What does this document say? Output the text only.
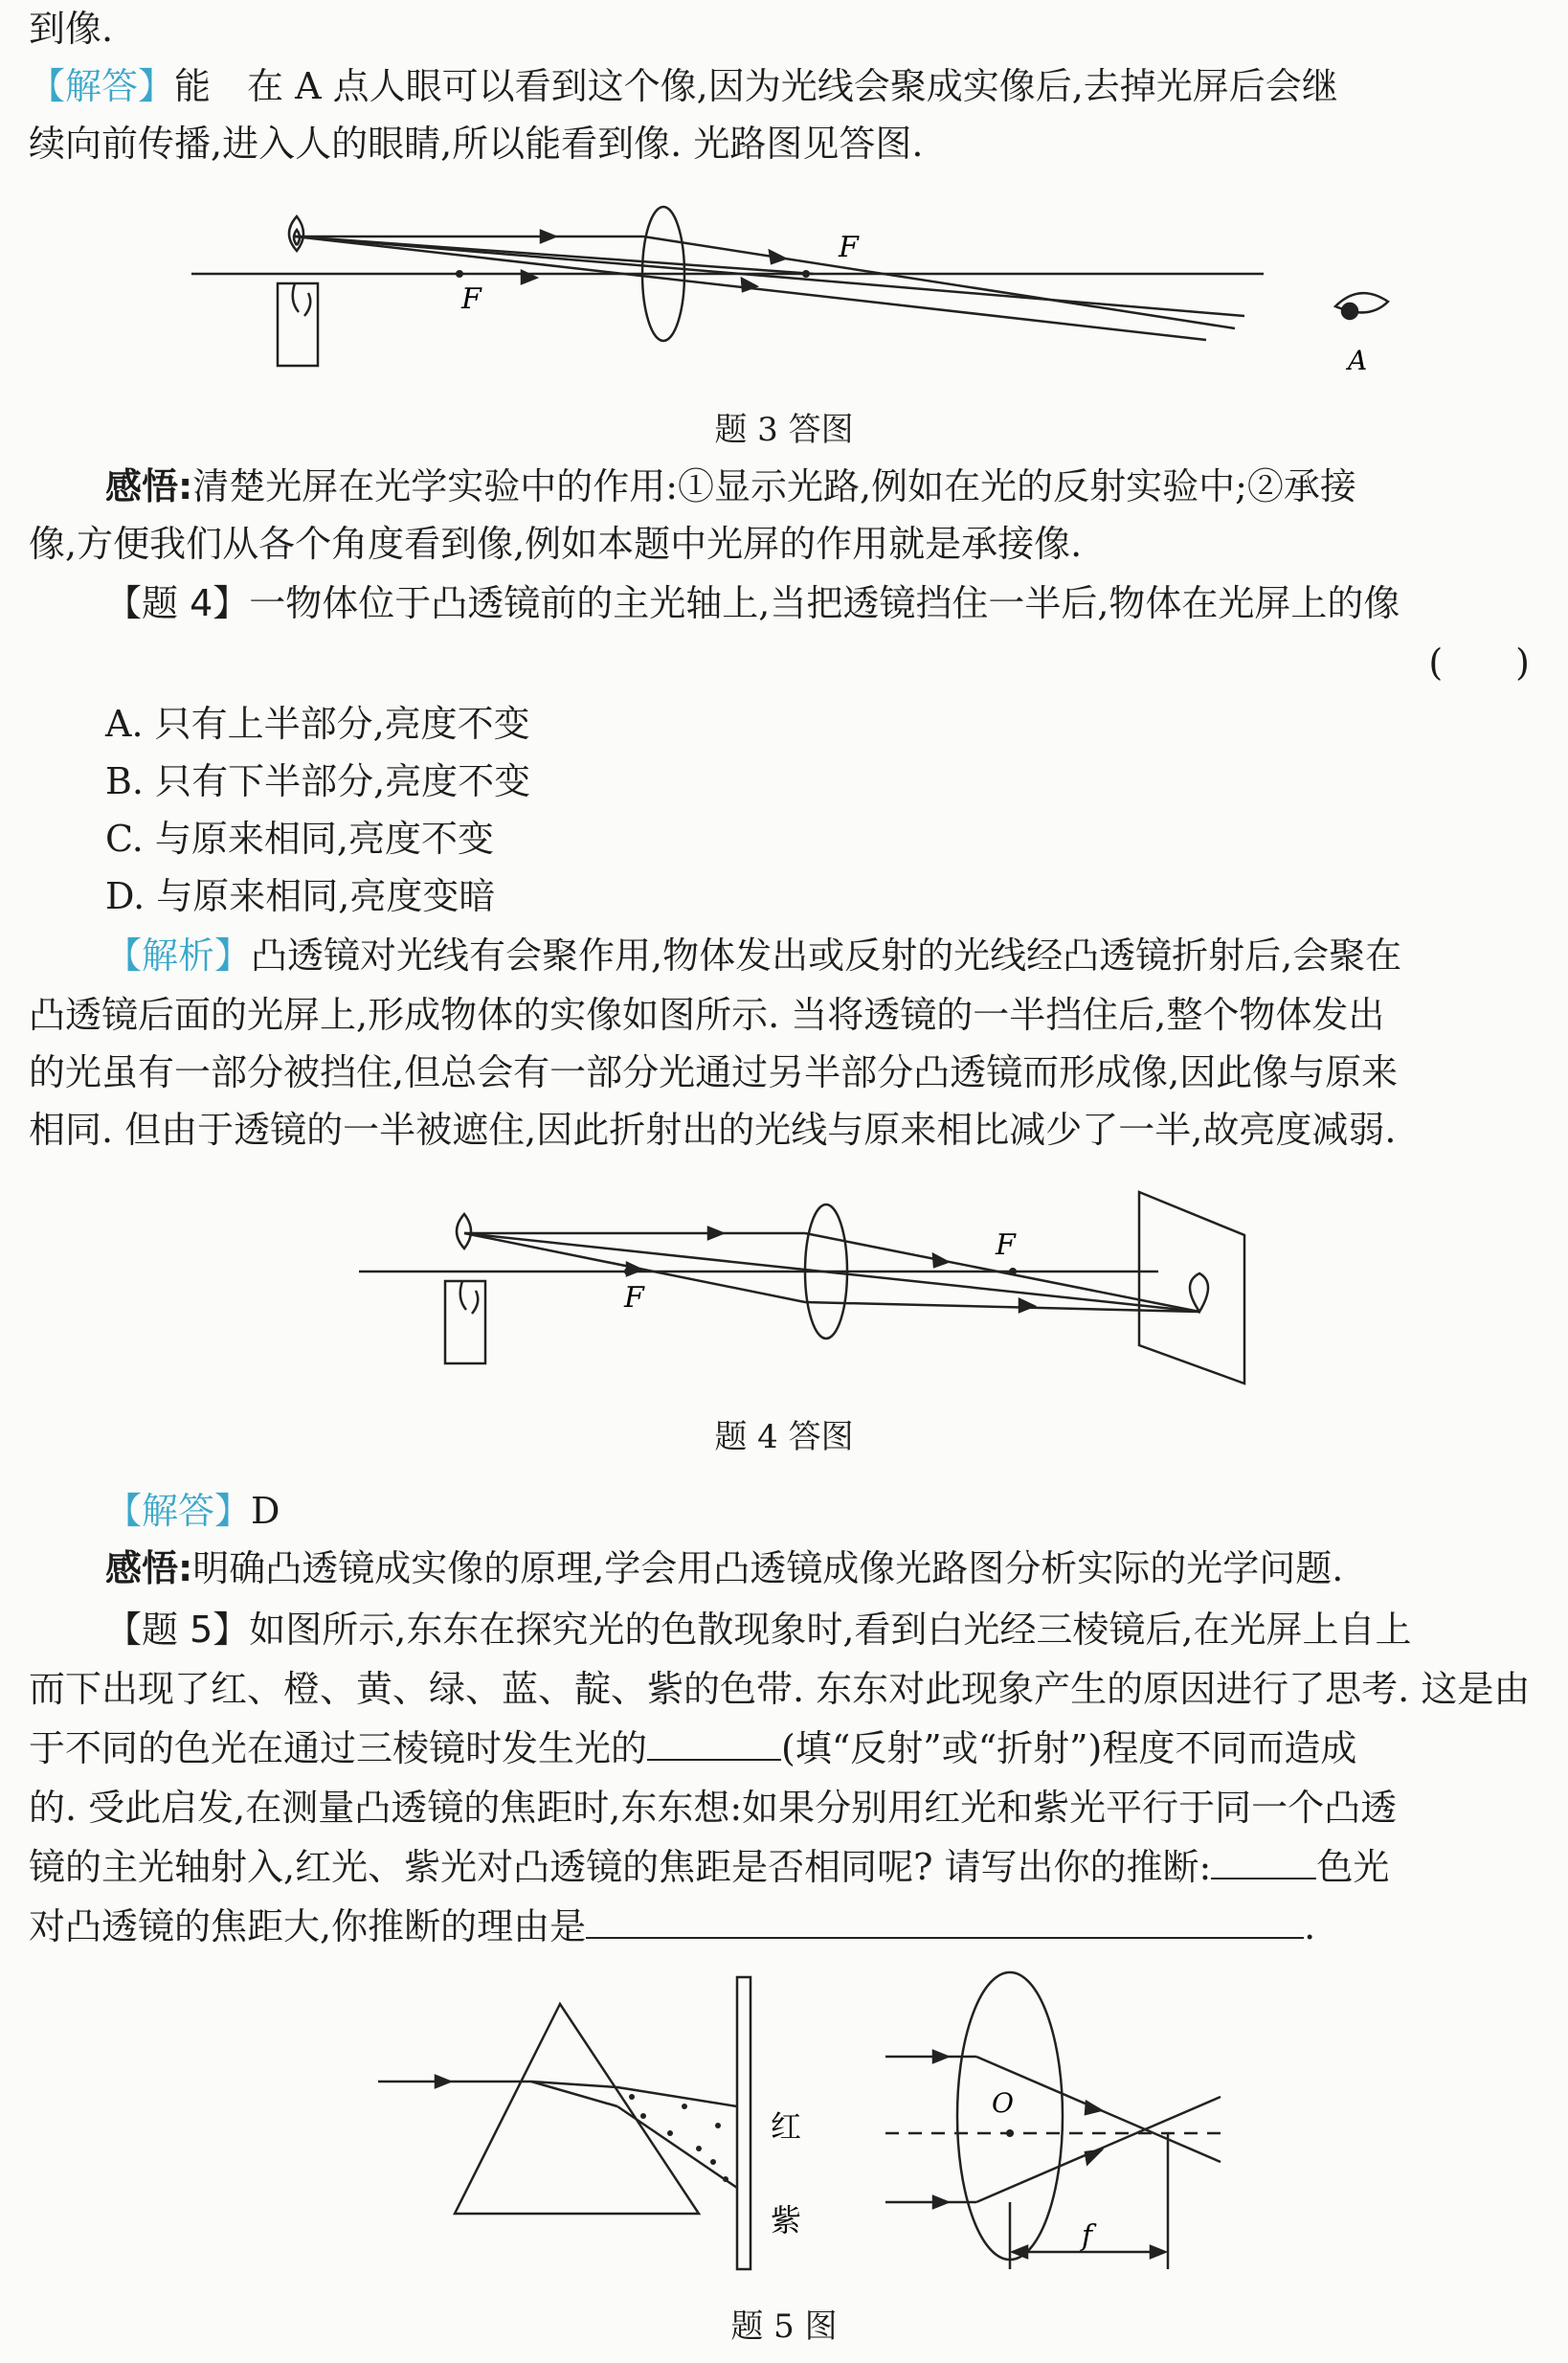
到像.
【解答】能　在 A 点人眼可以看到这个像,因为光线会聚成实像后,去掉光屏后会继
续向前传播,进入人的眼睛,所以能看到像. 光路图见答图.
F
F
A
题 3 答图
感悟:清楚光屏在光学实验中的作用:①显示光路,例如在光的反射实验中;②承接
像,方便我们从各个角度看到像,例如本题中光屏的作用就是承接像.
【题 4】一物体位于凸透镜前的主光轴上,当把透镜挡住一半后,物体在光屏上的像
(　　)
A. 只有上半部分,亮度不变
B. 只有下半部分,亮度不变
C. 与原来相同,亮度不变
D. 与原来相同,亮度变暗
【解析】凸透镜对光线有会聚作用,物体发出或反射的光线经凸透镜折射后,会聚在
凸透镜后面的光屏上,形成物体的实像如图所示. 当将透镜的一半挡住后,整个物体发出
的光虽有一部分被挡住,但总会有一部分光通过另半部分凸透镜而形成像,因此像与原来
相同. 但由于透镜的一半被遮住,因此折射出的光线与原来相比减少了一半,故亮度减弱.
F
F
题 4 答图
【解答】D
感悟:明确凸透镜成实像的原理,学会用凸透镜成像光路图分析实际的光学问题.
【题 5】如图所示,东东在探究光的色散现象时,看到白光经三棱镜后,在光屏上自上
而下出现了红、橙、黄、绿、蓝、靛、紫的色带. 东东对此现象产生的原因进行了思考. 这是由
于不同的色光在通过三棱镜时发生光的	(填“反射”或“折射”)程度不同而造成
的. 受此启发,在测量凸透镜的焦距时,东东想:如果分别用红光和紫光平行于同一个凸透
镜的主光轴射入,红光、紫光对凸透镜的焦距是否相同呢? 请写出你的推断:	色光
对凸透镜的焦距大,你推断的理由是	.
红
紫
O
f
题 5 图
